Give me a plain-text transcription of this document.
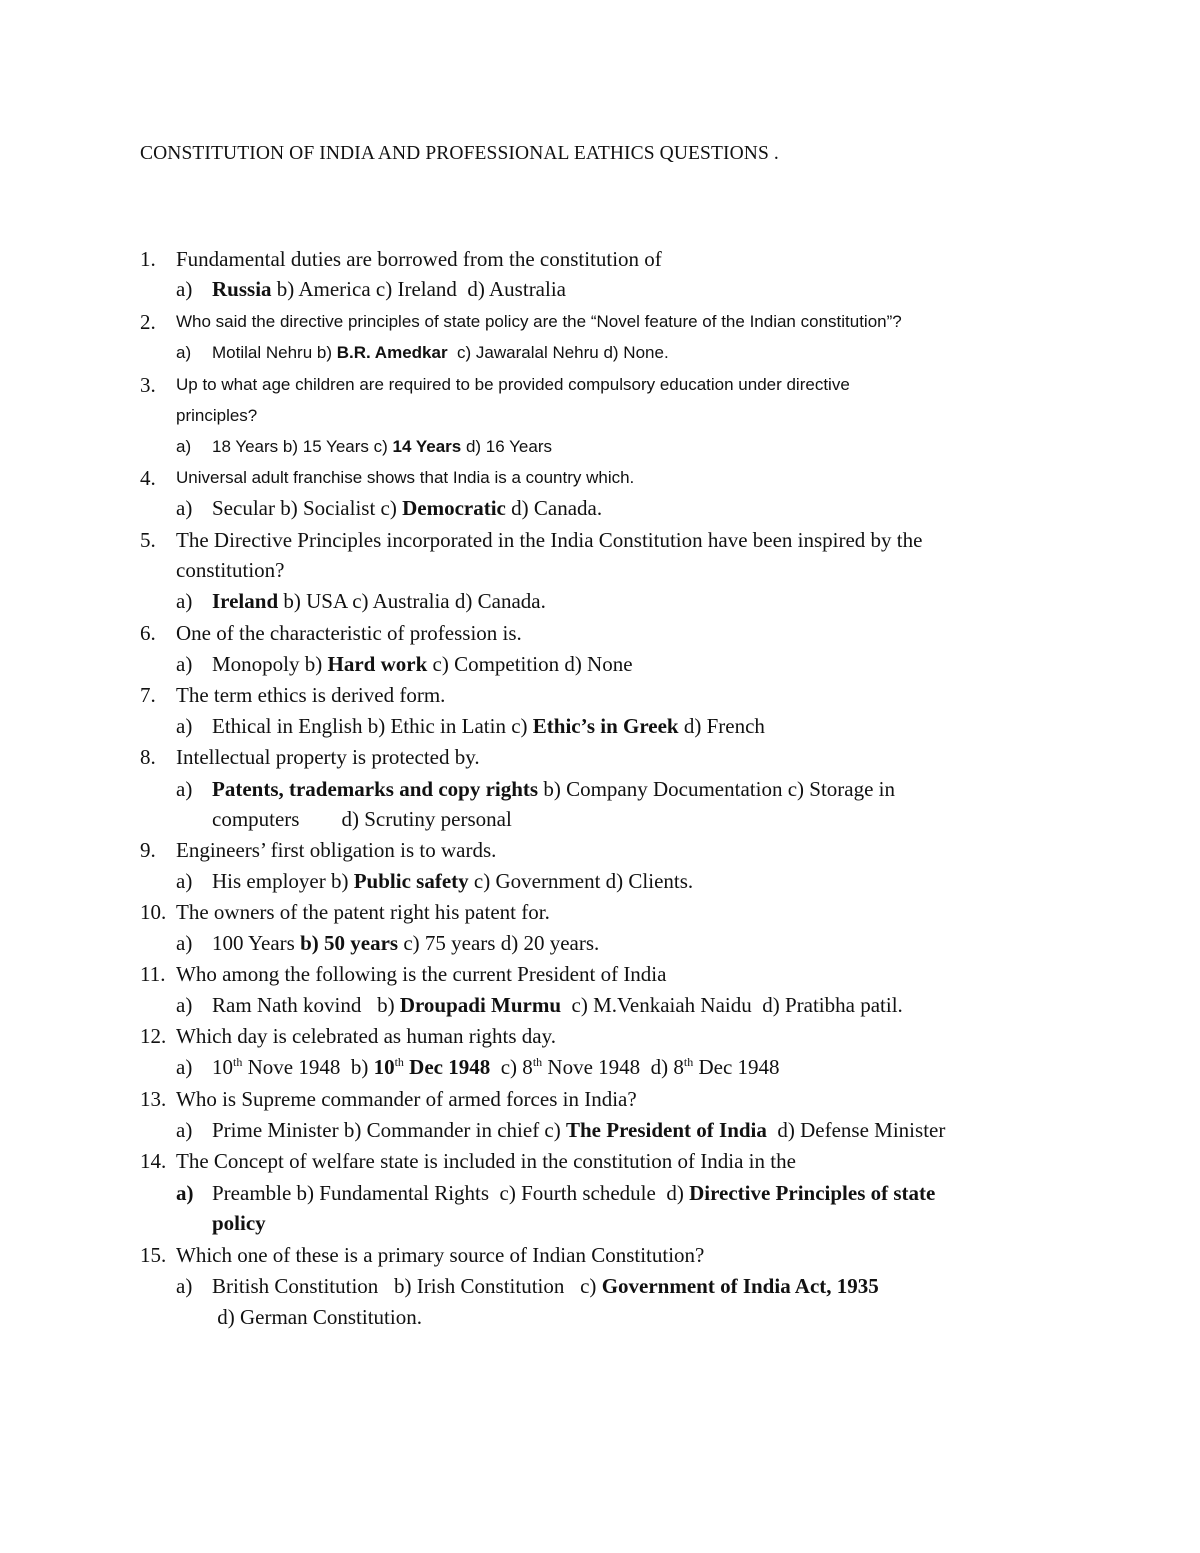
CONSTITUTION OF INDIA AND PROFESSIONAL EATHICS QUESTIONS .
1. Fundamental duties are borrowed from the constitution of
a) Russia b) America c) Ireland  d) Australia
2.	Who said the directive principles of state policy are the “Novel feature of the Indian constitution”?
a) Motilal Nehru b) B.R. Amedkar  c) Jawaralal Nehru d) None.
3.	Up to what age children are required to be provided compulsory education under directive
principles?
a) 18 Years b) 15 Years c) 14 Years d) 16 Years
4.	Universal adult franchise shows that India is a country which.
a) Secular b) Socialist c) Democratic d) Canada.
5. The Directive Principles incorporated in the India Constitution have been inspired by the
constitution?
a) Ireland b) USA c) Australia d) Canada.
6. One of the characteristic of profession is.
a) Monopoly b) Hard work c) Competition d) None
7. The term ethics is derived form.
a) Ethical in English b) Ethic in Latin c) Ethic’s in Greek d) French
8. Intellectual property is protected by.
a) Patents, trademarks and copy rights b) Company Documentation c) Storage in
computers        d) Scrutiny personal
9. Engineers’ first obligation is to wards.
a) His employer b) Public safety c) Government d) Clients.
10. The owners of the patent right his patent for.
a) 100 Years b) 50 years c) 75 years d) 20 years.
11. Who among the following is the current President of India
a) Ram Nath kovind   b) Droupadi Murmu  c) M.Venkaiah Naidu  d) Pratibha patil.
12. Which day is celebrated as human rights day.
a) 10th Nove 1948  b) 10th Dec 1948  c) 8th Nove 1948  d) 8th Dec 1948
13. Who is Supreme commander of armed forces in India?
a) Prime Minister b) Commander in chief c) The President of India  d) Defense Minister
14. The Concept of welfare state is included in the constitution of India in the
a) Preamble b) Fundamental Rights  c) Fourth schedule  d) Directive Principles of state
policy
15. Which one of these is a primary source of Indian Constitution?
a) British Constitution   b) Irish Constitution   c) Government of India Act, 1935
d) German Constitution.
